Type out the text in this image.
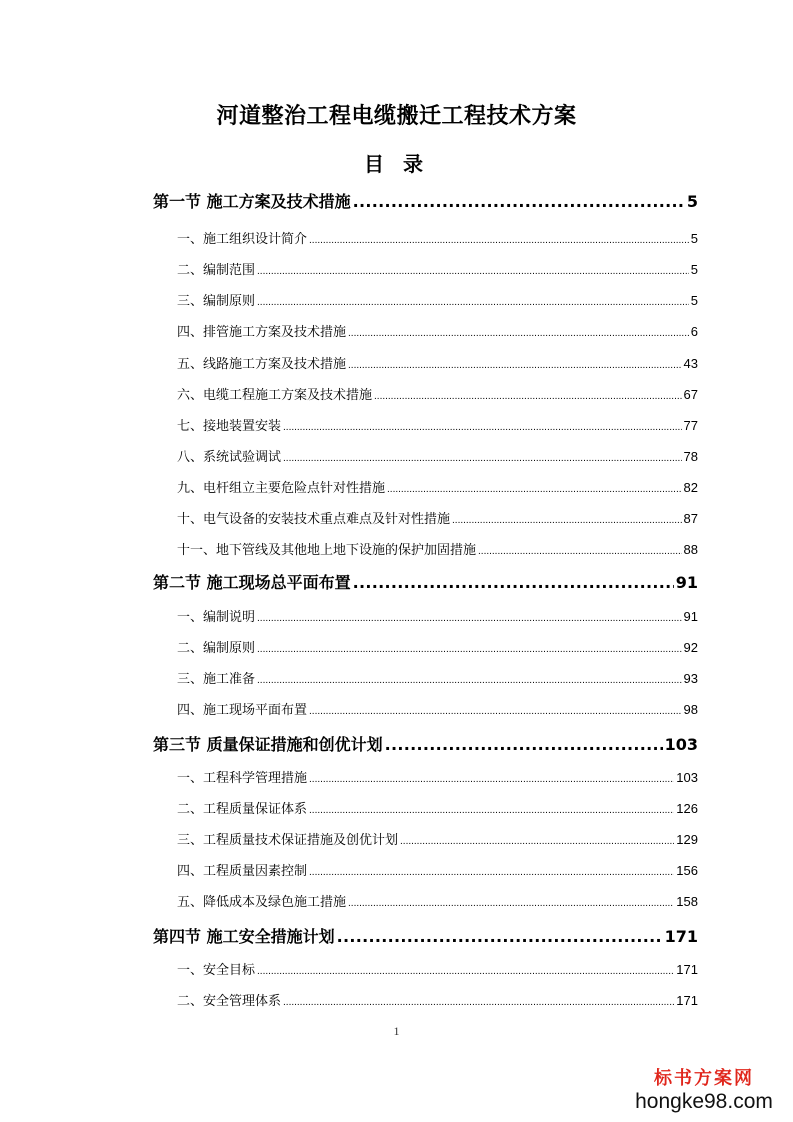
河道整治工程电缆搬迁工程技术方案
目 录
第一节 施工方案及技术措施 .....	5
一、施工组织设计简介 .....	5
二、编制范围 .....	5
三、编制原则 .....	5
四、排管施工方案及技术措施 .....	6
五、线路施工方案及技术措施 .....	43
六、电缆工程施工方案及技术措施 .....	67
七、接地装置安装 .....	77
八、系统试验调试 .....	78
九、电杆组立主要危险点针对性措施 .....	82
十、电气设备的安装技术重点难点及针对性措施 .....	87
十一、地下管线及其他地上地下设施的保护加固措施 .....	88
第二节 施工现场总平面布置 .....	91
一、编制说明 .....	91
二、编制原则 .....	92
三、施工准备 .....	93
四、施工现场平面布置 .....	98
第三节 质量保证措施和创优计划 .....	103
一、工程科学管理措施 .....	103
二、工程质量保证体系 .....	126
三、工程质量技术保证措施及创优计划 .....	129
四、工程质量因素控制 .....	156
五、降低成本及绿色施工措施 .....	158
第四节 施工安全措施计划 .....	171
一、安全目标 .....	171
二、安全管理体系 .....	171
1
标书方案网
hongke98.com
